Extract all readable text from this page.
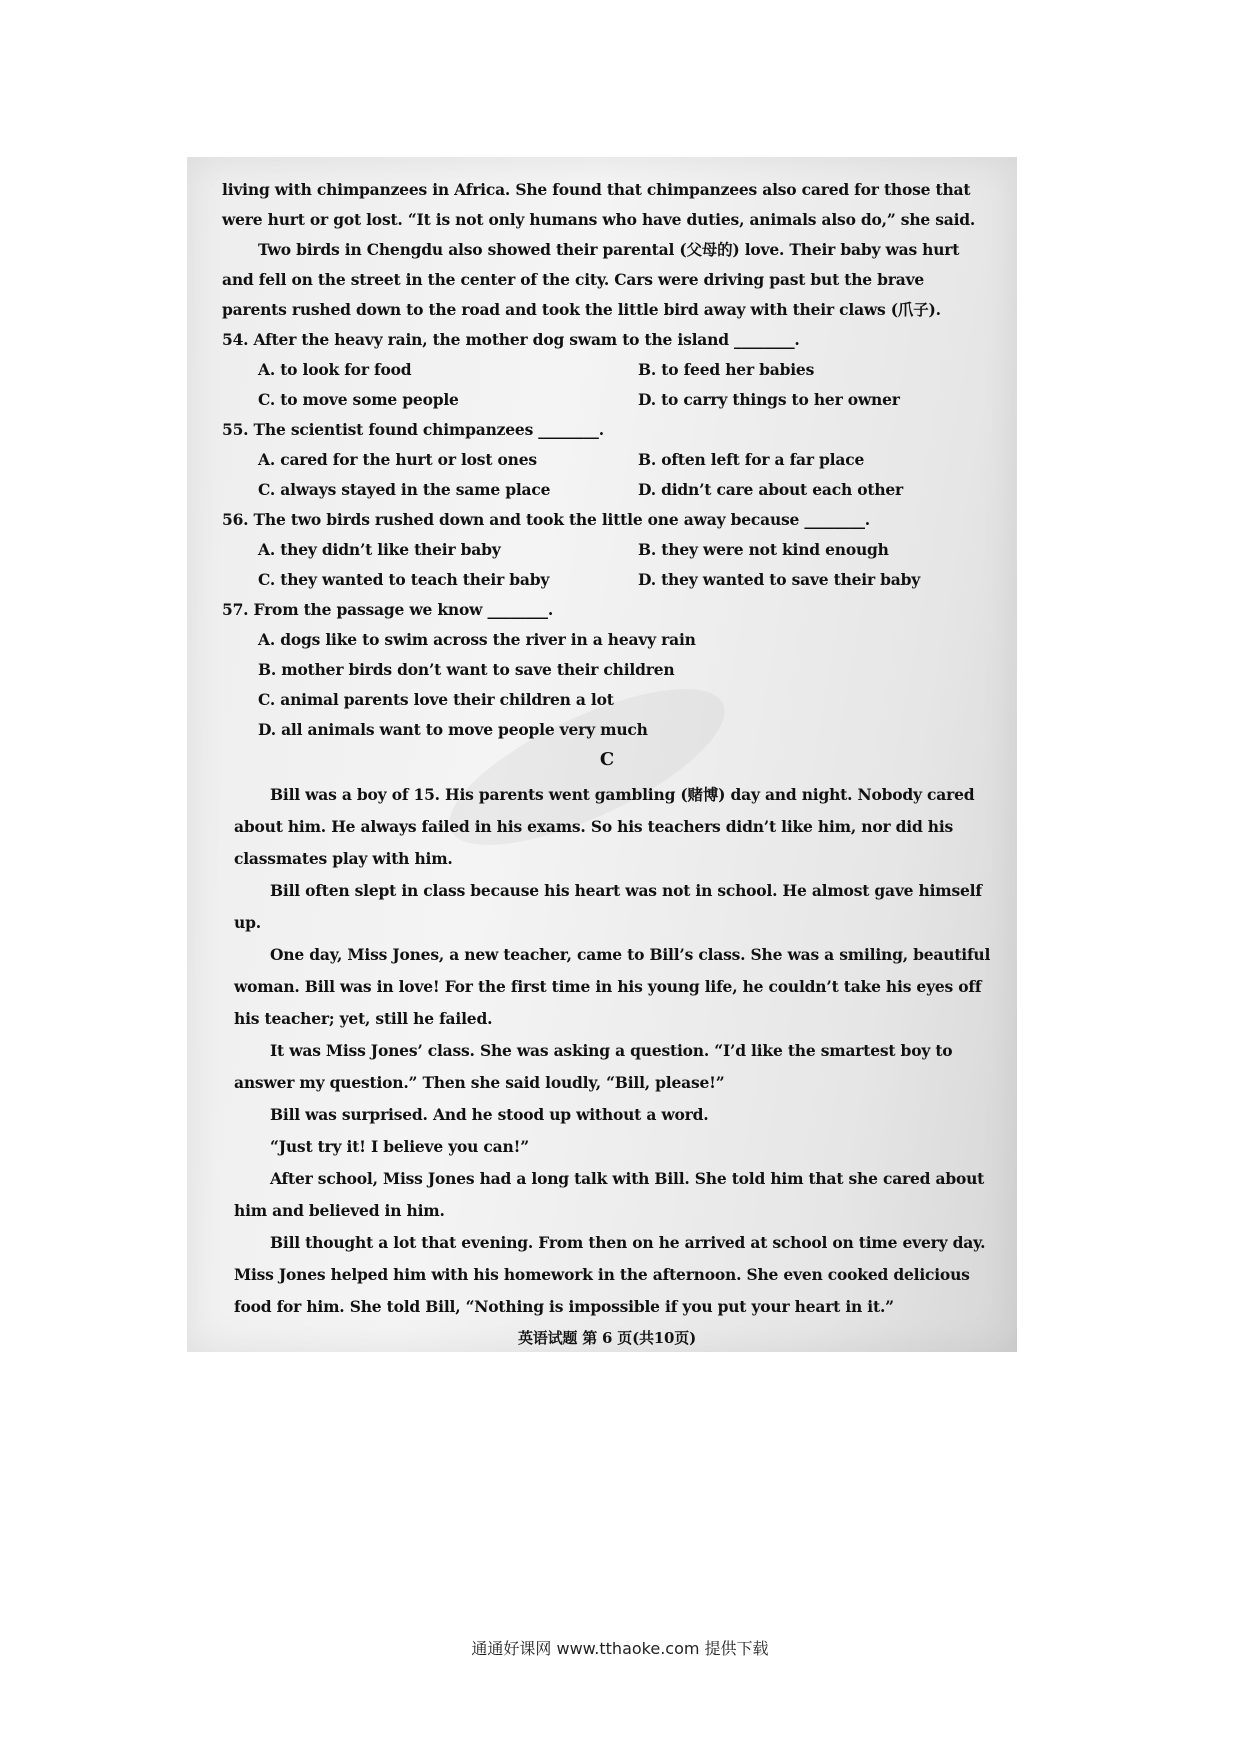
living with chimpanzees in Africa. She found that chimpanzees also cared for those that were hurt or got lost. “It is not only humans who have duties, animals also do,” she said.

Two birds in Chengdu also showed their parental (父母的) love. Their baby was hurt and fell on the street in the center of the city. Cars were driving past but the brave parents rushed down to the road and took the little bird away with their claws (爪子).

54. After the heavy rain, the mother dog swam to the island ________.

A. to look for food	B. to feed her babies
C. to move some people	D. to carry things to her owner

55. The scientist found chimpanzees ________.

A. cared for the hurt or lost ones	B. often left for a far place
C. always stayed in the same place	D. didn’t care about each other

56. The two birds rushed down and took the little one away because ________.

A. they didn’t like their baby	B. they were not kind enough
C. they wanted to teach their baby	D. they wanted to save their baby

57. From the passage we know ________.

A. dogs like to swim across the river in a heavy rain
B. mother birds don’t want to save their children
C. animal parents love their children a lot
D. all animals want to move people very much

C

Bill was a boy of 15. His parents went gambling (赌博) day and night. Nobody cared about him. He always failed in his exams. So his teachers didn’t like him, nor did his classmates play with him.

Bill often slept in class because his heart was not in school. He almost gave himself up.

One day, Miss Jones, a new teacher, came to Bill’s class. She was a smiling, beautiful woman. Bill was in love! For the first time in his young life, he couldn’t take his eyes off his teacher; yet, still he failed.

It was Miss Jones’ class. She was asking a question. “I’d like the smartest boy to answer my question.” Then she said loudly, “Bill, please!”

Bill was surprised. And he stood up without a word.

“Just try it! I believe you can!”

After school, Miss Jones had a long talk with Bill. She told him that she cared about him and believed in him.

Bill thought a lot that evening. From then on he arrived at school on time every day. Miss Jones helped him with his homework in the afternoon. She even cooked delicious food for him. She told Bill, “Nothing is impossible if you put your heart in it.”

英语试题 第 6 页(共10页)

通通好课网 www.tthaoke.com 提供下载
